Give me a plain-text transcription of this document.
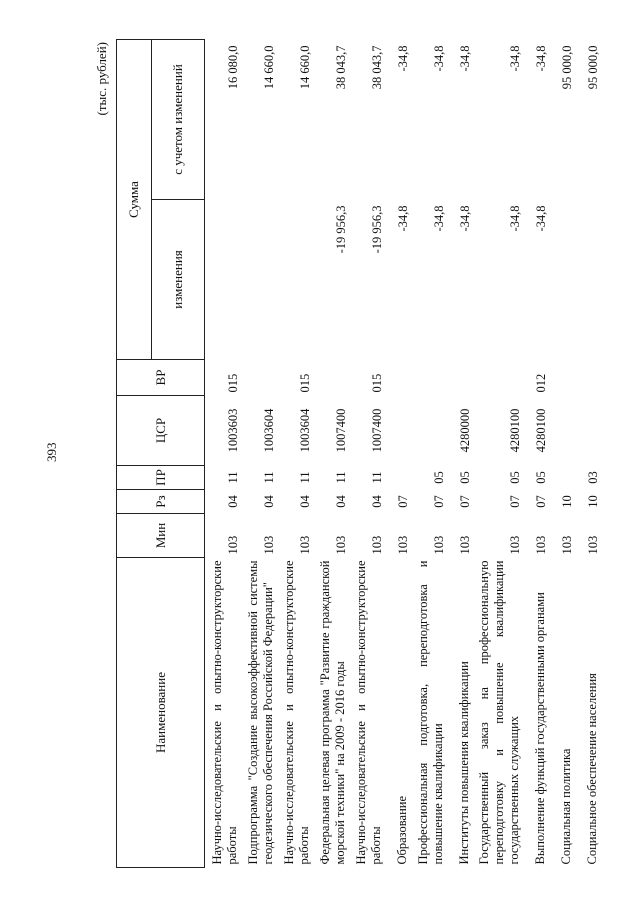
393
(тыс. рублей)
Наименование	Мин	Рз	ПР	ЦСР	ВР	Сумма	
						изменения	с учетом изменений
Научно-исследовательские и опытно-конструкторские работы	103	04	11	1003603	015		16 080,0
Подпрограмма "Создание высокоэффективной системы геодезического обеспечения Российской Федерации"	103	04	11	1003604			14 660,0
Научно-исследовательские и опытно-конструкторские работы	103	04	11	1003604	015		14 660,0
Федеральная целевая программа "Развитие гражданской морской техники" на 2009 - 2016 годы	103	04	11	1007400		-19 956,3	38 043,7
Научно-исследовательские и опытно-конструкторские работы	103	04	11	1007400	015	-19 956,3	38 043,7
Образование	103	07				-34,8	-34,8
Профессиональная подготовка, переподготовка и повышение квалификации	103	07	05			-34,8	-34,8
Институты повышения квалификации	103	07	05	4280000		-34,8	-34,8
Государственный заказ на профессиональную переподготовку и повышение квалификации государственных служащих	103	07	05	4280100		-34,8	-34,8
Выполнение функций государственными органами	103	07	05	4280100	012	-34,8	-34,8
Социальная политика	103	10					95 000,0
Социальное обеспечение населения	103	10	03				95 000,0
